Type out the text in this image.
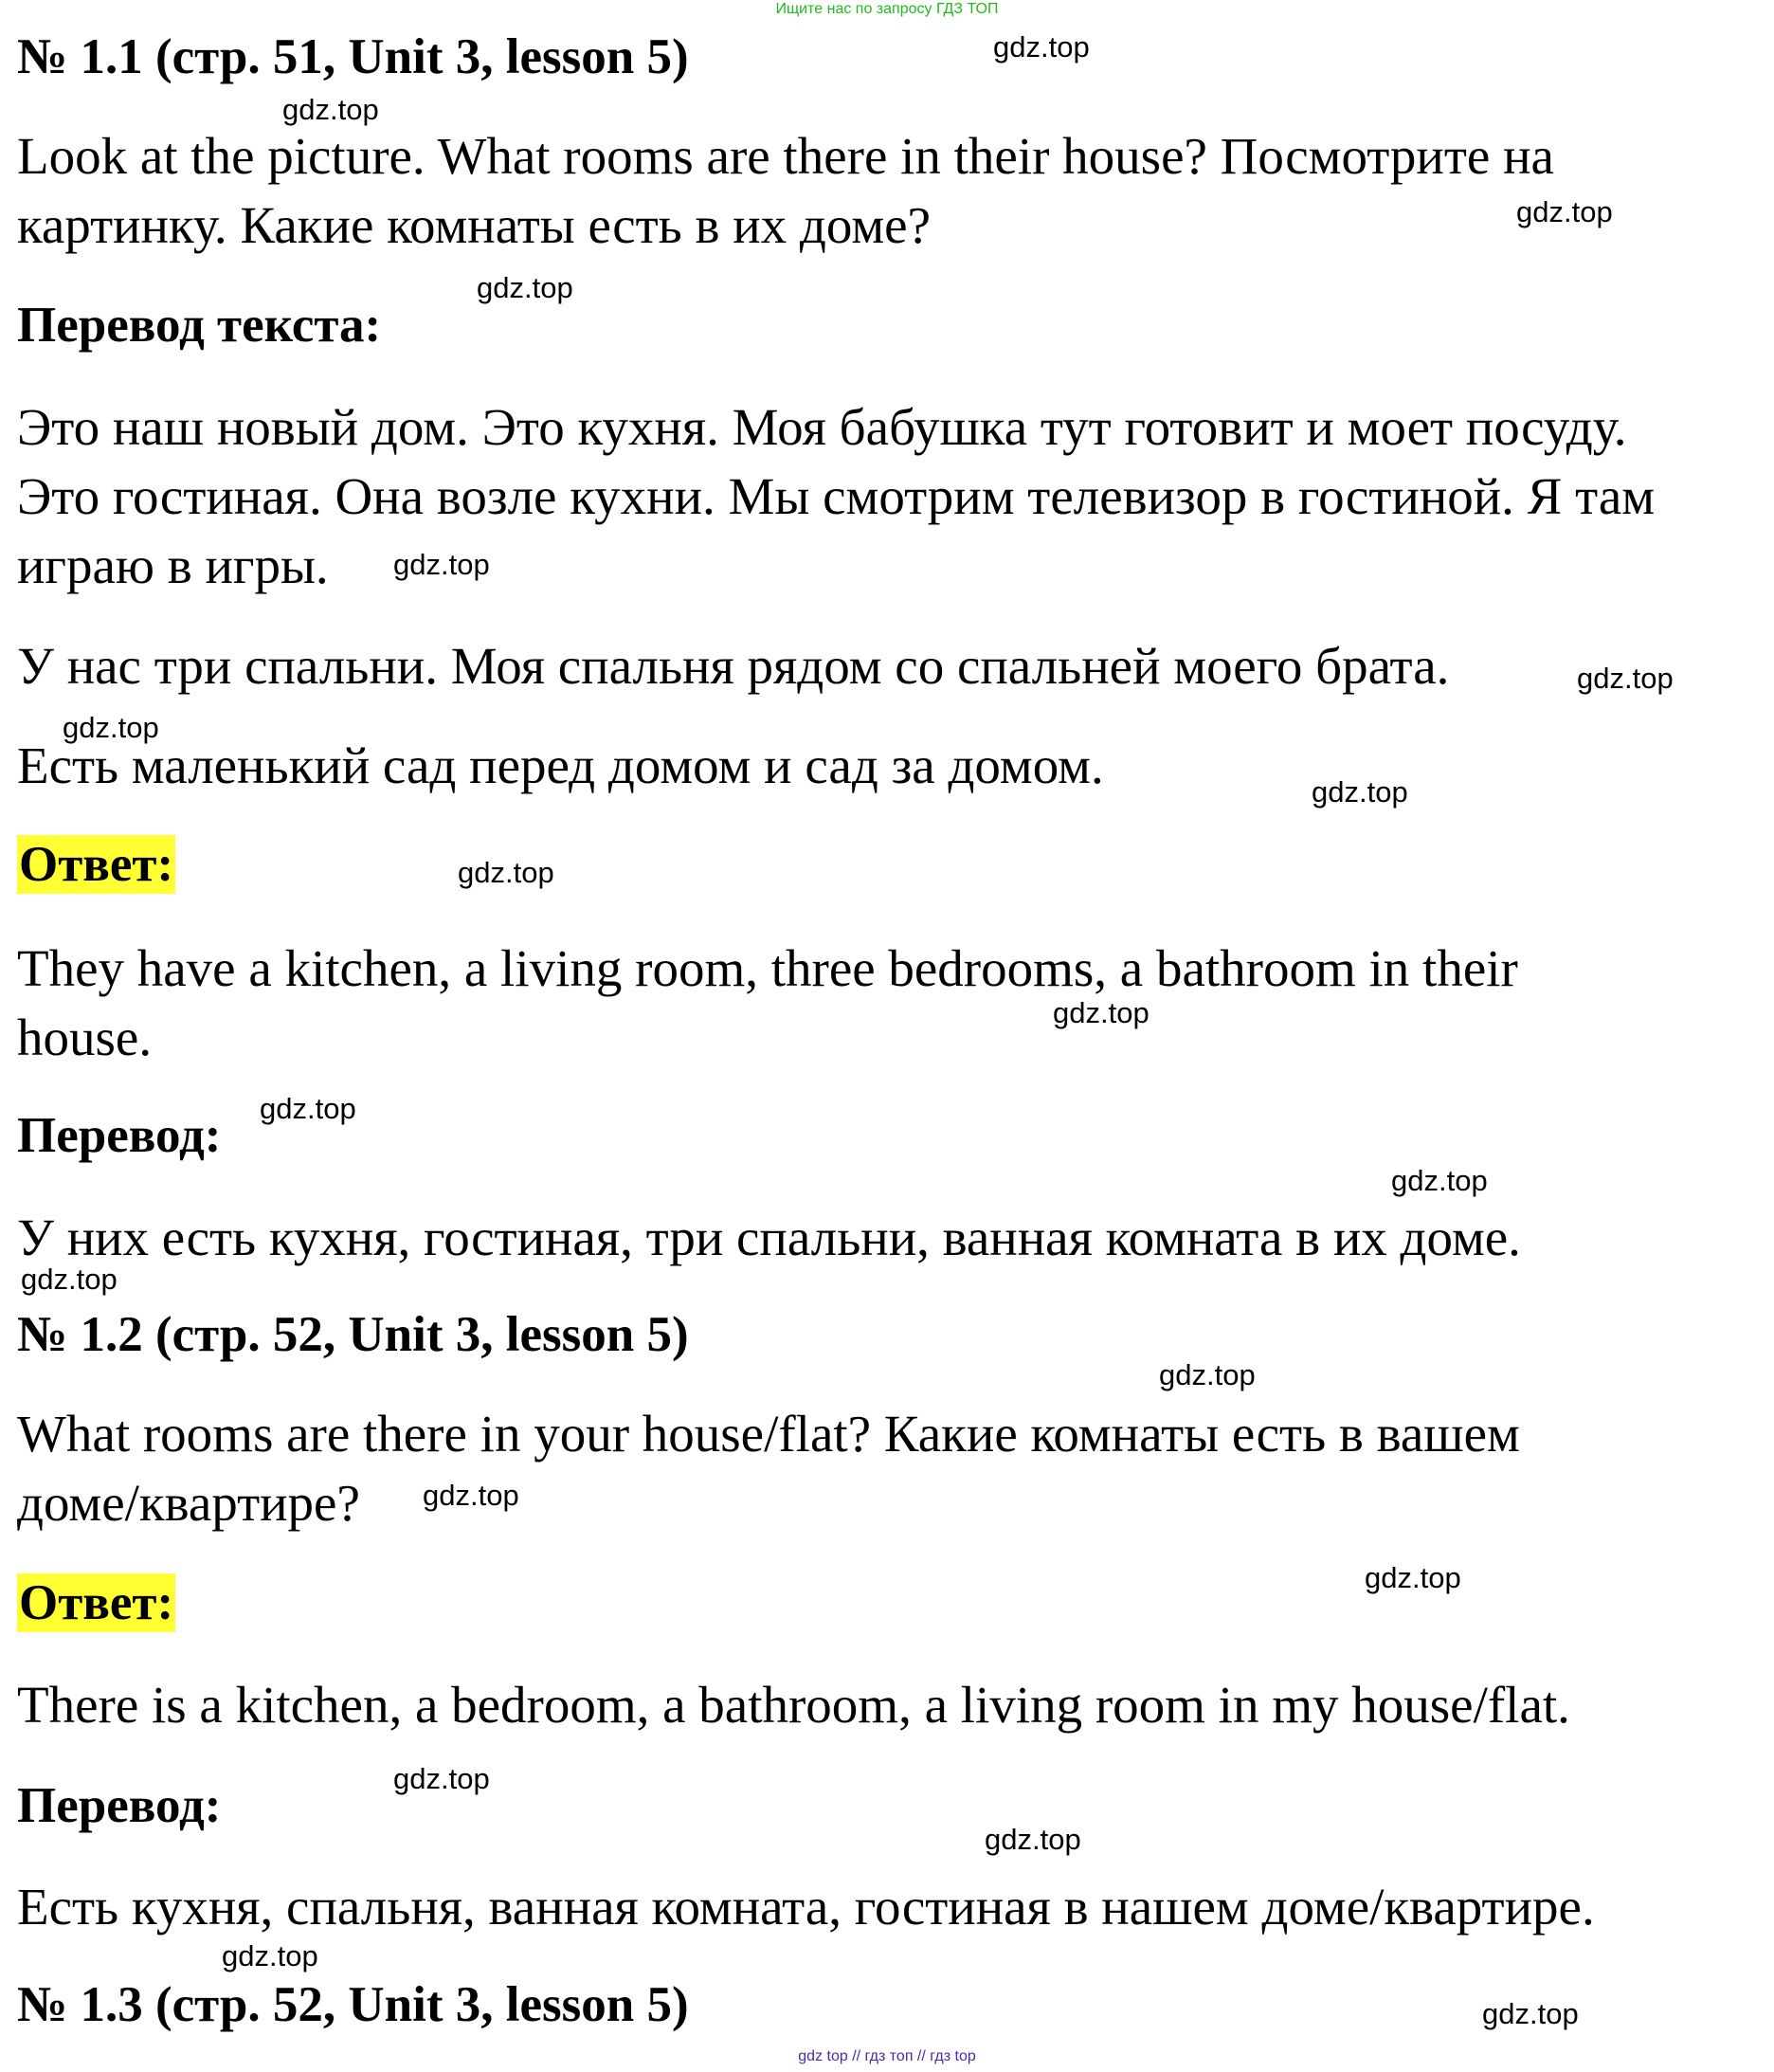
Ищите нас по запросу ГДЗ ТОП
№ 1.1 (стр. 51, Unit 3, lesson 5)
Look at the picture. What rooms are there in their house? Посмотрите на
картинку. Какие комнаты есть в их доме?
Перевод текста:
Это наш новый дом. Это кухня. Моя бабушка тут готовит и моет посуду.
Это гостиная. Она возле кухни. Мы смотрим телевизор в гостиной. Я там
играю в игры.
У нас три спальни. Моя спальня рядом со спальней моего брата.
Есть маленький сад перед домом и сад за домом.
Ответ:
They have a kitchen, a living room, three bedrooms, a bathroom in their
house.
Перевод:
У них есть кухня, гостиная, три спальни, ванная комната в их доме.
№ 1.2 (стр. 52, Unit 3, lesson 5)
What rooms are there in your house/flat? Какие комнаты есть в вашем
доме/квартире?
Ответ:
There is a kitchen, a bedroom, a bathroom, a living room in my house/flat.
Перевод:
Есть кухня, спальня, ванная комната, гостиная в нашем доме/квартире.
№ 1.3 (стр. 52, Unit 3, lesson 5)
gdz.top
gdz.top
gdz.top
gdz.top
gdz.top
gdz.top
gdz.top
gdz.top
gdz.top
gdz.top
gdz.top
gdz.top
gdz.top
gdz.top
gdz.top
gdz.top
gdz.top
gdz.top
gdz.top
gdz.top
gdz top // гдз топ // гдз top
